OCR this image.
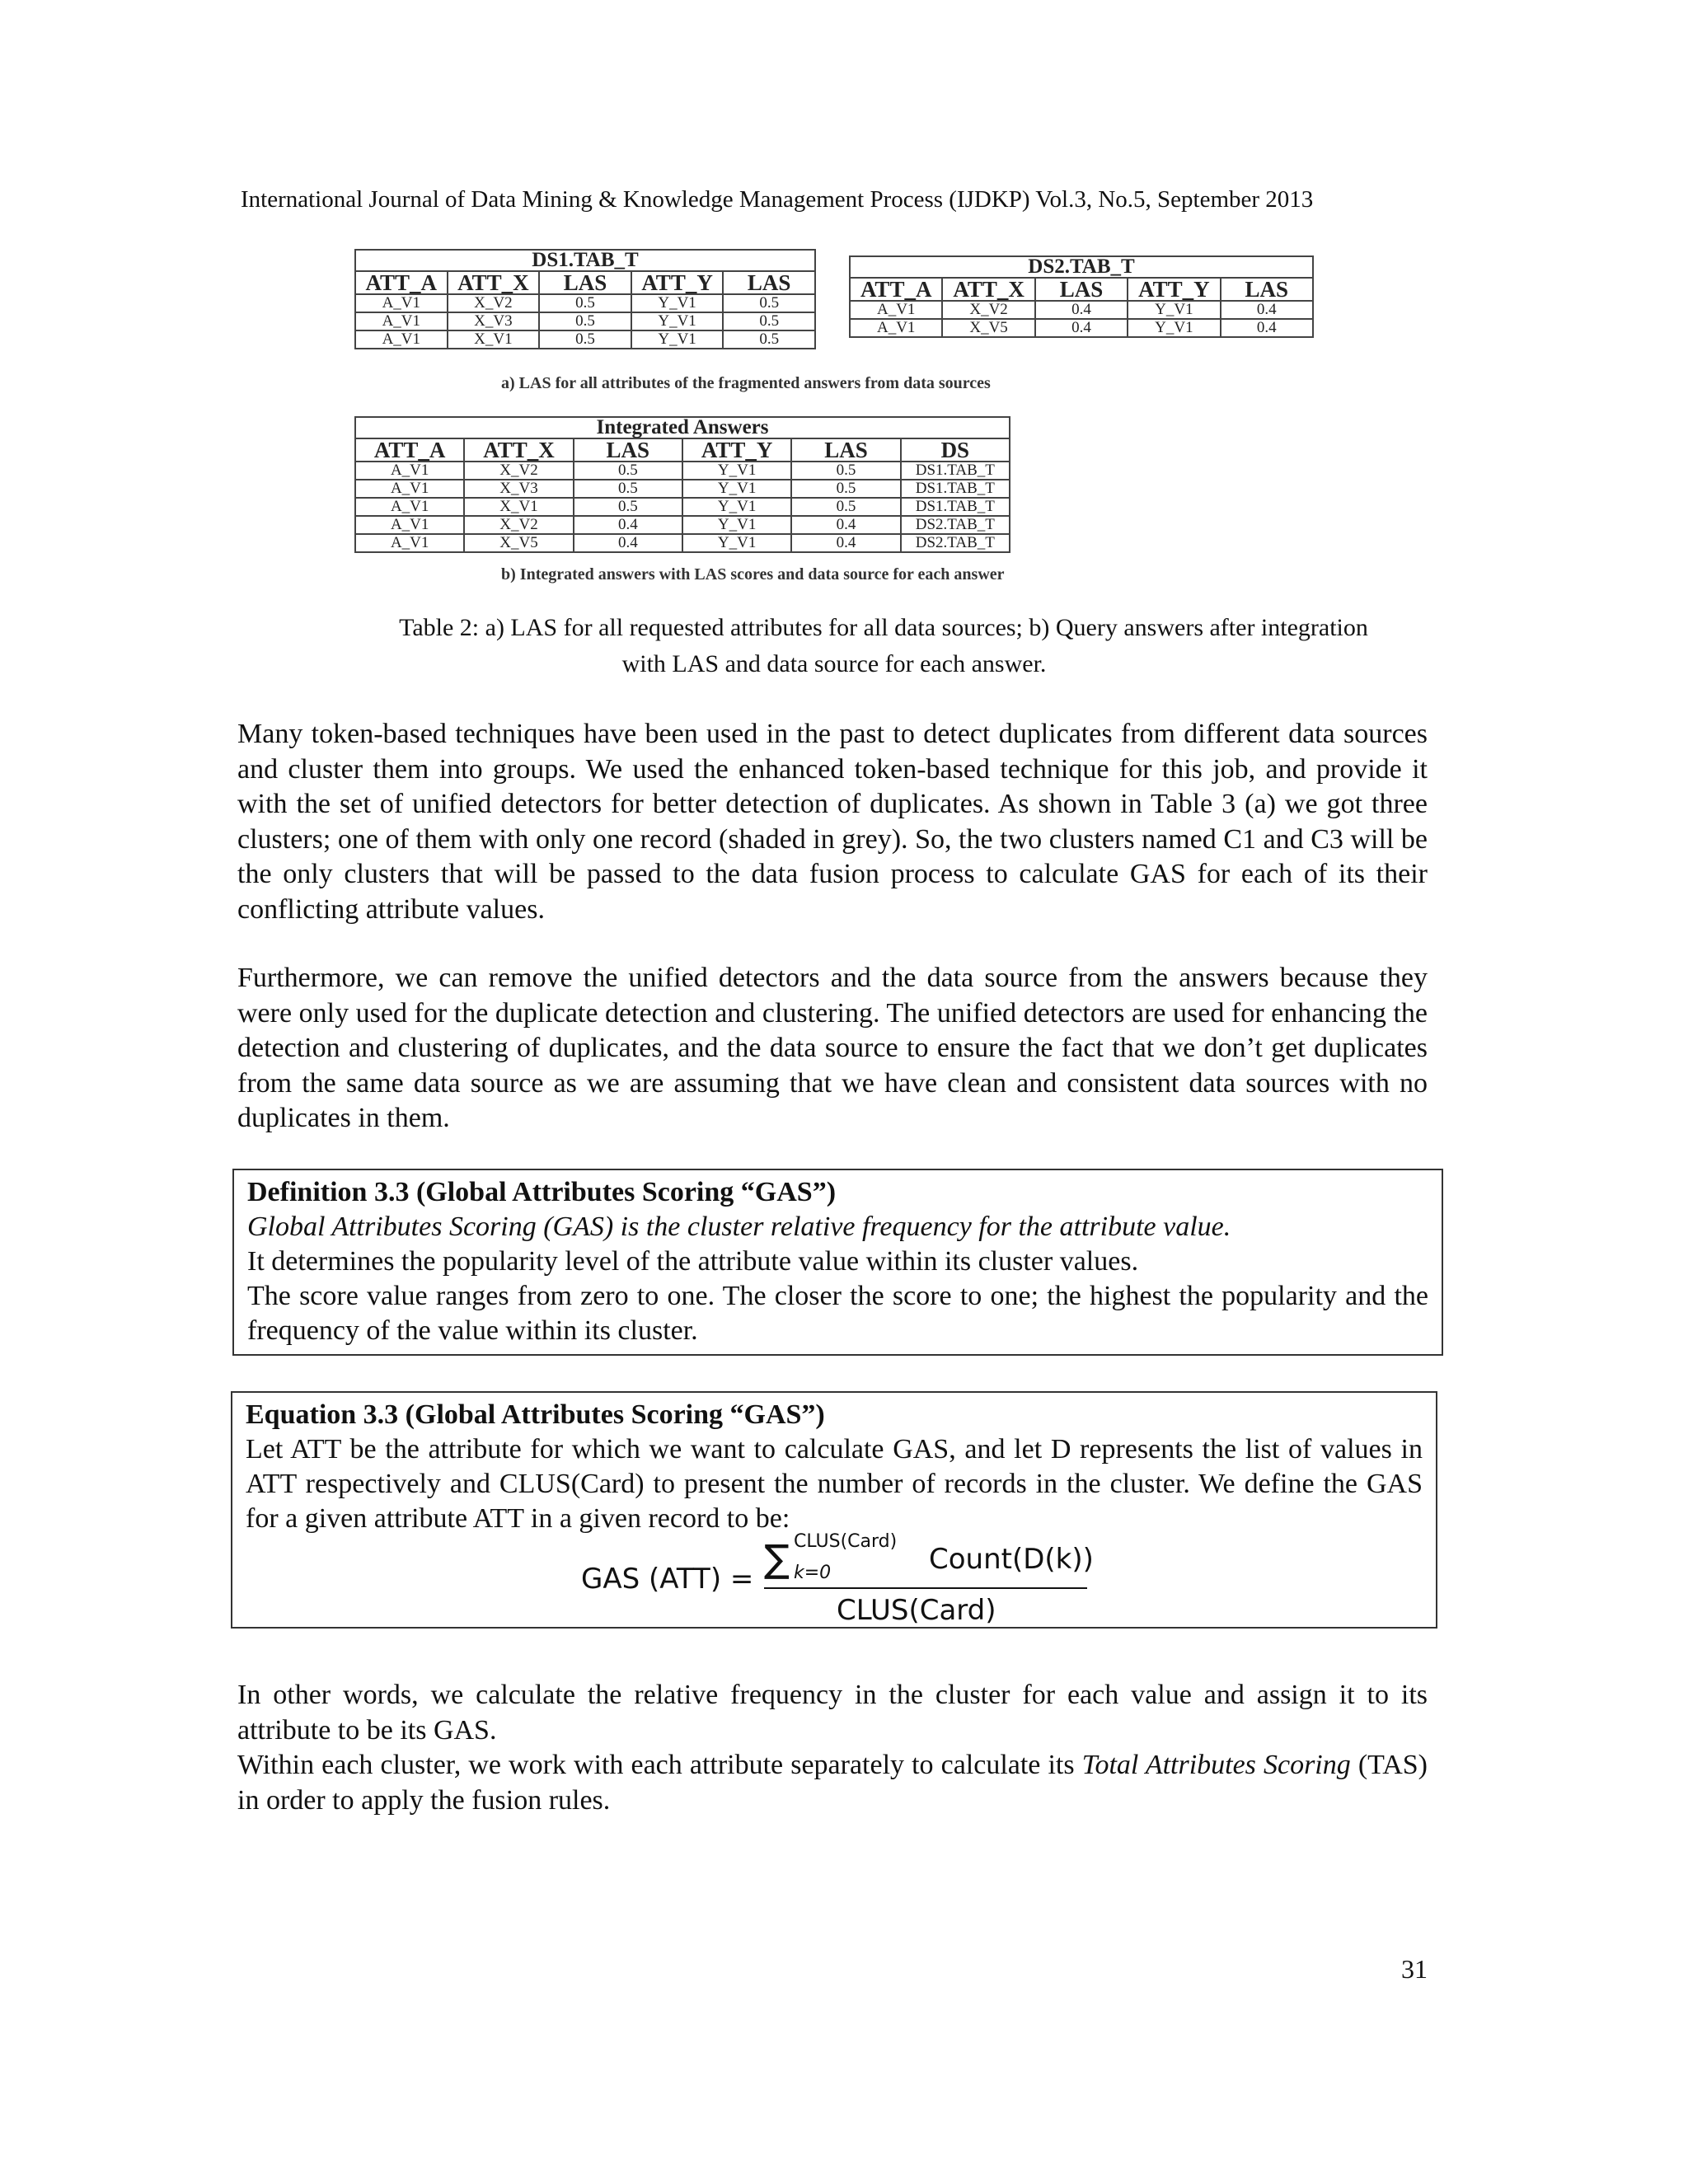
International Journal of Data Mining & Knowledge Management Process (IJDKP) Vol.3, No.5, September 2013
DS1.TAB_T				
ATT_A	ATT_X	LAS	ATT_Y	LAS
A_V1	X_V2	0.5	Y_V1	0.5
A_V1	X_V3	0.5	Y_V1	0.5
A_V1	X_V1	0.5	Y_V1	0.5
DS2.TAB_T				
ATT_A	ATT_X	LAS	ATT_Y	LAS
A_V1	X_V2	0.4	Y_V1	0.4
A_V1	X_V5	0.4	Y_V1	0.4
a) LAS for all attributes of the fragmented answers from data sources
Integrated Answers					
ATT_A	ATT_X	LAS	ATT_Y	LAS	DS
A_V1	X_V2	0.5	Y_V1	0.5	DS1.TAB_T
A_V1	X_V3	0.5	Y_V1	0.5	DS1.TAB_T
A_V1	X_V1	0.5	Y_V1	0.5	DS1.TAB_T
A_V1	X_V2	0.4	Y_V1	0.4	DS2.TAB_T
A_V1	X_V5	0.4	Y_V1	0.4	DS2.TAB_T
b) Integrated answers with LAS scores and data source for each answer
Table 2: a) LAS for all requested attributes for all data sources; b) Query answers after integration
with LAS and data source for each answer.

Many token-based techniques have been used in the past to detect duplicates from different data sources and cluster them into groups. We used the enhanced token-based technique for this job, and provide it with the set of unified detectors for better detection of duplicates. As shown in Table 3 (a) we got three clusters; one of them with only one record (shaded in grey). So, the two clusters named C1 and C3 will be the only clusters that will be passed to the data fusion process to calculate GAS for each of its their conflicting attribute values.

Furthermore, we can remove the unified detectors and the data source from the answers because they were only used for the duplicate detection and clustering. The unified detectors are used for enhancing the detection and clustering of duplicates, and the data source to ensure the fact that we don’t get duplicates from the same data source as we are assuming that we have clean and consistent data sources with no duplicates in them.

Definition 3.3 (Global Attributes Scoring “GAS”)
Global Attributes Scoring (GAS) is the cluster relative frequency for the attribute value.
It determines the popularity level of the attribute value within its cluster values.
The score value ranges from zero to one. The closer the score to one; the highest the popularity and the frequency of the value within its cluster.
Equation 3.3 (Global Attributes Scoring “GAS”)
Let ATT be the attribute for which we want to calculate GAS, and let D represents the list of values in ATT respectively and CLUS(Card) to present the number of records in the cluster. We define the GAS for a given attribute ATT in a given record to be:
GAS (ATT) = ∑ CLUS(Card)
k=0	Count(D(k))
CLUS(Card)

In other words, we calculate the relative frequency in the cluster for each value and assign it to its attribute to be its GAS.

Within each cluster, we work with each attribute separately to calculate its Total Attributes Scoring (TAS) in order to apply the fusion rules.

31
